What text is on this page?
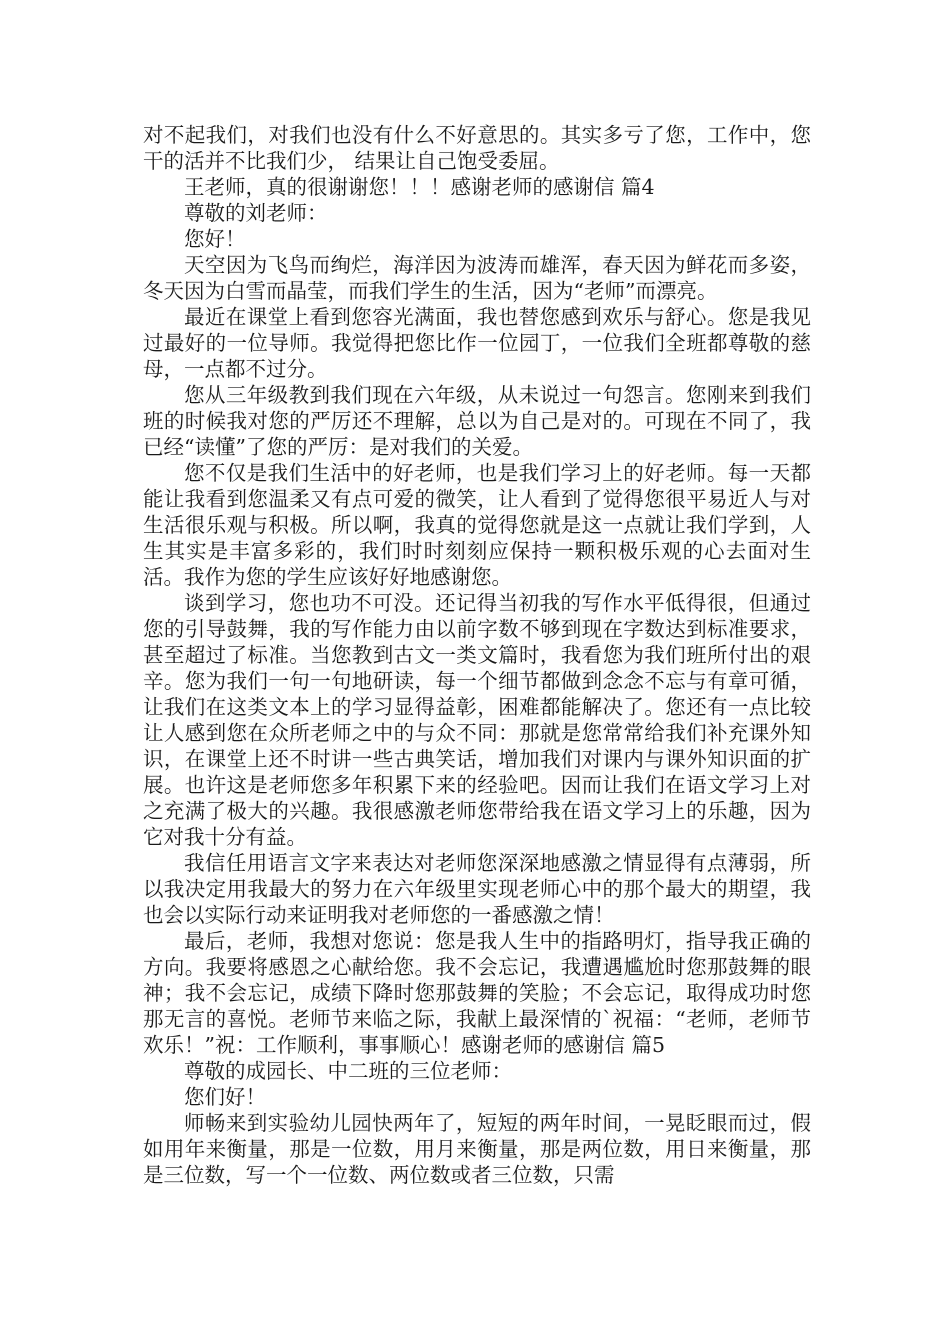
对不起我们，对我们也没有什么不好意思的。其实多亏了您，工作中，您干的活并不比我们少， 结果让自己饱受委屈。

王老师，真的很谢谢您！！！感谢老师的感谢信 篇4

尊敬的刘老师：

您好！

天空因为飞鸟而绚烂，海洋因为波涛而雄浑，春天因为鲜花而多姿，冬天因为白雪而晶莹，而我们学生的生活，因为“老师”而漂亮。

最近在课堂上看到您容光满面，我也替您感到欢乐与舒心。您是我见过最好的一位导师。我觉得把您比作一位园丁，一位我们全班都尊敬的慈母，一点都不过分。

您从三年级教到我们现在六年级，从未说过一句怨言。您刚来到我们班的时候我对您的严厉还不理解，总以为自己是对的。可现在不同了，我已经“读懂”了您的严厉：是对我们的关爱。

您不仅是我们生活中的好老师，也是我们学习上的好老师。每一天都能让我看到您温柔又有点可爱的微笑，让人看到了觉得您很平易近人与对生活很乐观与积极。所以啊，我真的觉得您就是这一点就让我们学到，人生其实是丰富多彩的，我们时时刻刻应保持一颗积极乐观的心去面对生活。我作为您的学生应该好好地感谢您。

谈到学习，您也功不可没。还记得当初我的写作水平低得很，但通过您的引导鼓舞，我的写作能力由以前字数不够到现在字数达到标准要求，甚至超过了标准。当您教到古文一类文篇时，我看您为我们班所付出的艰辛。您为我们一句一句地研读，每一个细节都做到念念不忘与有章可循，让我们在这类文本上的学习显得益彰，困难都能解决了。您还有一点比较让人感到您在众所老师之中的与众不同：那就是您常常给我们补充课外知识，在课堂上还不时讲一些古典笑话，增加我们对课内与课外知识面的扩展。也许这是老师您多年积累下来的经验吧。因而让我们在语文学习上对之充满了极大的兴趣。我很感激老师您带给我在语文学习上的乐趣，因为它对我十分有益。

我信任用语言文字来表达对老师您深深地感激之情显得有点薄弱，所以我决定用我最大的努力在六年级里实现老师心中的那个最大的期望，我也会以实际行动来证明我对老师您的一番感激之情！

最后，老师，我想对您说：您是我人生中的指路明灯，指导我正确的方向。我要将感恩之心献给您。我不会忘记，我遭遇尴尬时您那鼓舞的眼神；我不会忘记，成绩下降时您那鼓舞的笑脸；不会忘记，取得成功时您那无言的喜悦。老师节来临之际，我献上最深情的`祝福：“老师，老师节欢乐！”祝：工作顺利，事事顺心！感谢老师的感谢信 篇5

尊敬的成园长、中二班的三位老师：

您们好！

师畅来到实验幼儿园快两年了，短短的两年时间，一晃眨眼而过，假如用年来衡量，那是一位数，用月来衡量，那是两位数，用日来衡量，那是三位数，写一个一位数、两位数或者三位数，只需
